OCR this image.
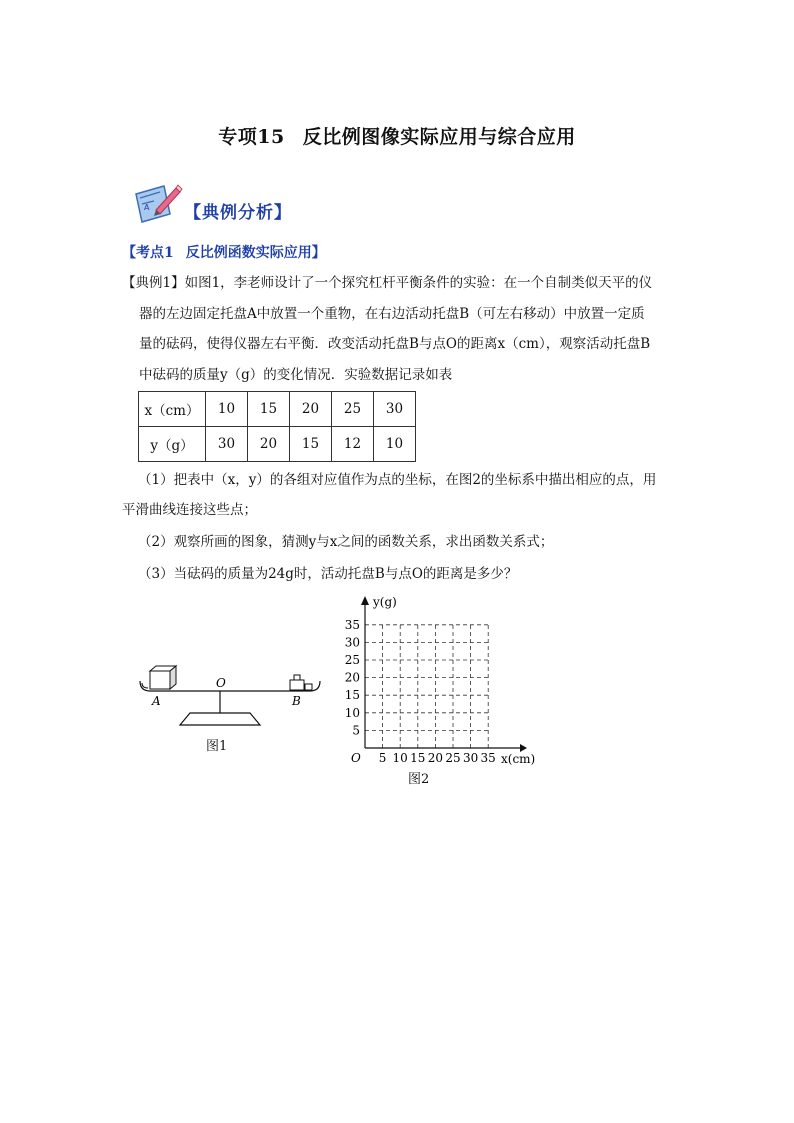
专项15 反比例图像实际应用与综合应用
A 【典例分析】
【考点1 反比例函数实际应用】
【典例1】如图1，李老师设计了一个探究杠杆平衡条件的实验：在一个自制类似天平的仪
器的左边固定托盘A中放置一个重物，在右边活动托盘B（可左右移动）中放置一定质
量的砝码，使得仪器左右平衡．改变活动托盘B与点O的距离x（cm），观察活动托盘B
中砝码的质量y（g）的变化情况．实验数据记录如表
x（cm）	10	15	20	25	30
y（g）	30	20	15	12	10
（1）把表中（x，y）的各组对应值作为点的坐标，在图2的坐标系中描出相应的点，用
平滑曲线连接这些点；
（2）观察所画的图象，猜测y与x之间的函数关系，求出函数关系式；
（3）当砝码的质量为24g时，活动托盘B与点O的距离是多少？
O
A	B
图1
5 10 15 20 25 30 35
5
10
15
20
25
30
35
O	x(cm)
y(g)
图2
